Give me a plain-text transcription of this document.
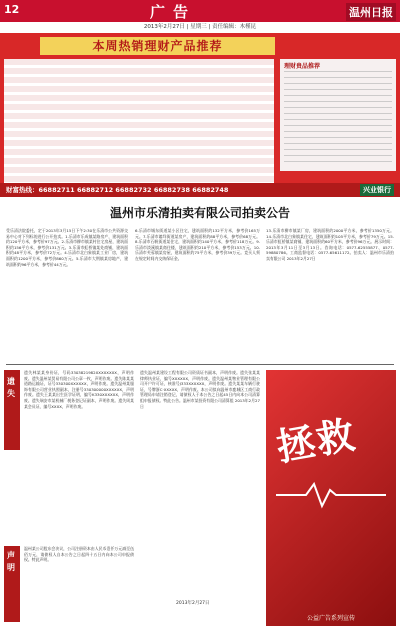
12	广告	温州日报
2013年2月27日 | 星期三 | 责任编辑：木槿昆
本周热销理财产品推荐
理财贵品推荐
财富热线：66882711 66882712 66882732 66882738 66882748	兴业银行
温州市乐清拍卖有限公司拍卖公告
受乐清法院委托，定于2013年3月15日下午2:30在乐清市公共资源交易中心对下列标的进行公开拍卖。1.乐清市乐成镇某路房产，建筑面积约120平方米，参考价97万元。2.乐清市柳市镇某村住宅房屋，建筑面积约156平方米，参考价131万元。3.乐清市虹桥镇某处商铺，建筑面积约48平方米，参考价72万元。4.乐清市北白象镇某工业厂房，建筑面积约1200平方米，参考价860万元。5.乐清市大荆镇某房地产，建筑面积约96平方米，参考价44万元。
6.乐清市城东街道某小区住宅，建筑面积约132平方米，参考价165万元。7.乐清市翁垟街道某房产，建筑面积约88平方米，参考价68万元。8.乐清市石帆街道某住宅，建筑面积约140平方米，参考价118万元。9.乐清市淡溪镇某商住楼，建筑面积约210平方米，参考价153万元。10.乐清市芙蓉镇某房屋，建筑面积约75平方米，参考价39万元。竞买人须在规定时间内交纳保证金。
13.乐清市柳市镇某厂房，建筑面积约2000平方米，参考价1350万元。14.乐清市北白象镇某住宅，建筑面积约105平方米，参考价79万元。15.乐清市虹桥镇某商铺，建筑面积约60平方米，参考价96万元。展示时间：2013年3月11日至3月13日。咨询电话：0577-62555877、0577-59880786。工商监督电话：0577-65611172。拍卖人：温州市乐清拍卖有限公司 2013年2月27日
遗失
遗失林某某身份证，号码3303821982XXXXXXXX，声明作废。遗失温州某贸易有限公司公章一枚，声明作废。遗失陈某某道路运输证，证号330300XXXXXX，声明作废。遗失温州某服饰有限公司营业执照副本，注册号330300000XXXXXX，声明作废。遗失王某某出生医学证明，编号K330XXXXXX，声明作废。遗失瑞安市某机械厂税务登记证副本，声明作废。遗失周某某会员证，编号XXXX，声明作废。
声明
温州某公司股东会决议，公司注册资本由人民币壹仟万元减至伍佰万元，请债权人自本公告之日起四十五日内向本公司申报债权。特此声明。
遗失温州某建设工程有限公司资质证书副本，声明作废。遗失张某某律师执业证，编号XXXXXX，声明作废。遗失温州某物业管理有限公司开户许可证，核准号J333XXXXXX，声明作废。遗失某某车辆行驶证，号牌浙C·XXXXX，声明作废。本公司拟向温州市鹿城区工商行政管理局申请注销登记，请债权人于本公告之日起45日内向本公司清算组申报债权。特此公告。温州市某投资有限公司清算组 2013年2月27日
拯救
公益广告系列宣传
2013年2月27日
